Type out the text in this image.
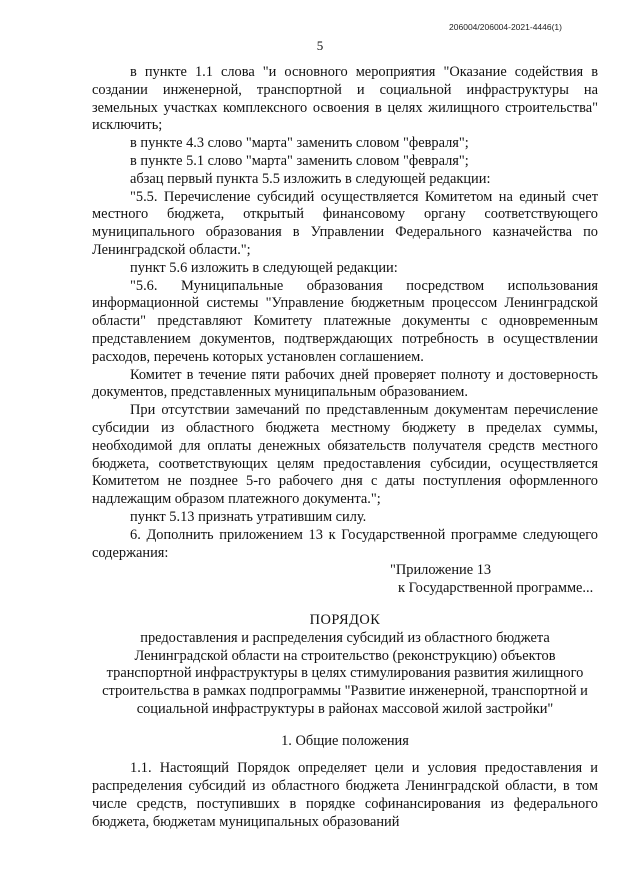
206004/206004-2021-4446(1)
5

в пункте 1.1 слова "и основного мероприятия "Оказание содействия в создании инженерной, транспортной и социальной инфраструктуры на земельных участках комплексного освоения в целях жилищного строительства" исключить;

в пункте 4.3 слово "марта" заменить словом "февраля";

в пункте 5.1 слово "марта" заменить словом "февраля";

абзац первый пункта 5.5 изложить в следующей редакции:

"5.5. Перечисление субсидий осуществляется Комитетом на единый счет местного бюджета, открытый финансовому органу соответствующего муниципального образования в Управлении Федерального казначейства по Ленинградской области.";

пункт 5.6 изложить в следующей редакции:

"5.6. Муниципальные образования посредством использования информационной системы "Управление бюджетным процессом Ленинградской области" представляют Комитету платежные документы с одновременным представлением документов, подтверждающих потребность в осуществлении расходов, перечень которых установлен соглашением.

Комитет в течение пяти рабочих дней проверяет полноту и достоверность документов, представленных муниципальным образованием.

При отсутствии замечаний по представленным документам перечисление субсидии из областного бюджета местному бюджету в пределах суммы, необходимой для оплаты денежных обязательств получателя средств местного бюджета, соответствующих целям предоставления субсидии, осуществляется Комитетом не позднее 5-го рабочего дня с даты поступления оформленного надлежащим образом платежного документа.";

пункт 5.13 признать утратившим силу.

6. Дополнить приложением 13 к Государственной программе следующего содержания:

"Приложение 13

к Государственной программе...

ПОРЯДОК

предоставления и распределения субсидий из областного бюджета Ленинградской области на строительство (реконструкцию) объектов транспортной инфраструктуры в целях стимулирования развития жилищного строительства в рамках подпрограммы "Развитие инженерной, транспортной и социальной инфраструктуры в районах массовой жилой застройки"

1. Общие положения

1.1. Настоящий Порядок определяет цели и условия предоставления и распределения субсидий из областного бюджета Ленинградской области, в том числе средств, поступивших в порядке софинансирования из федерального бюджета, бюджетам муниципальных образований
